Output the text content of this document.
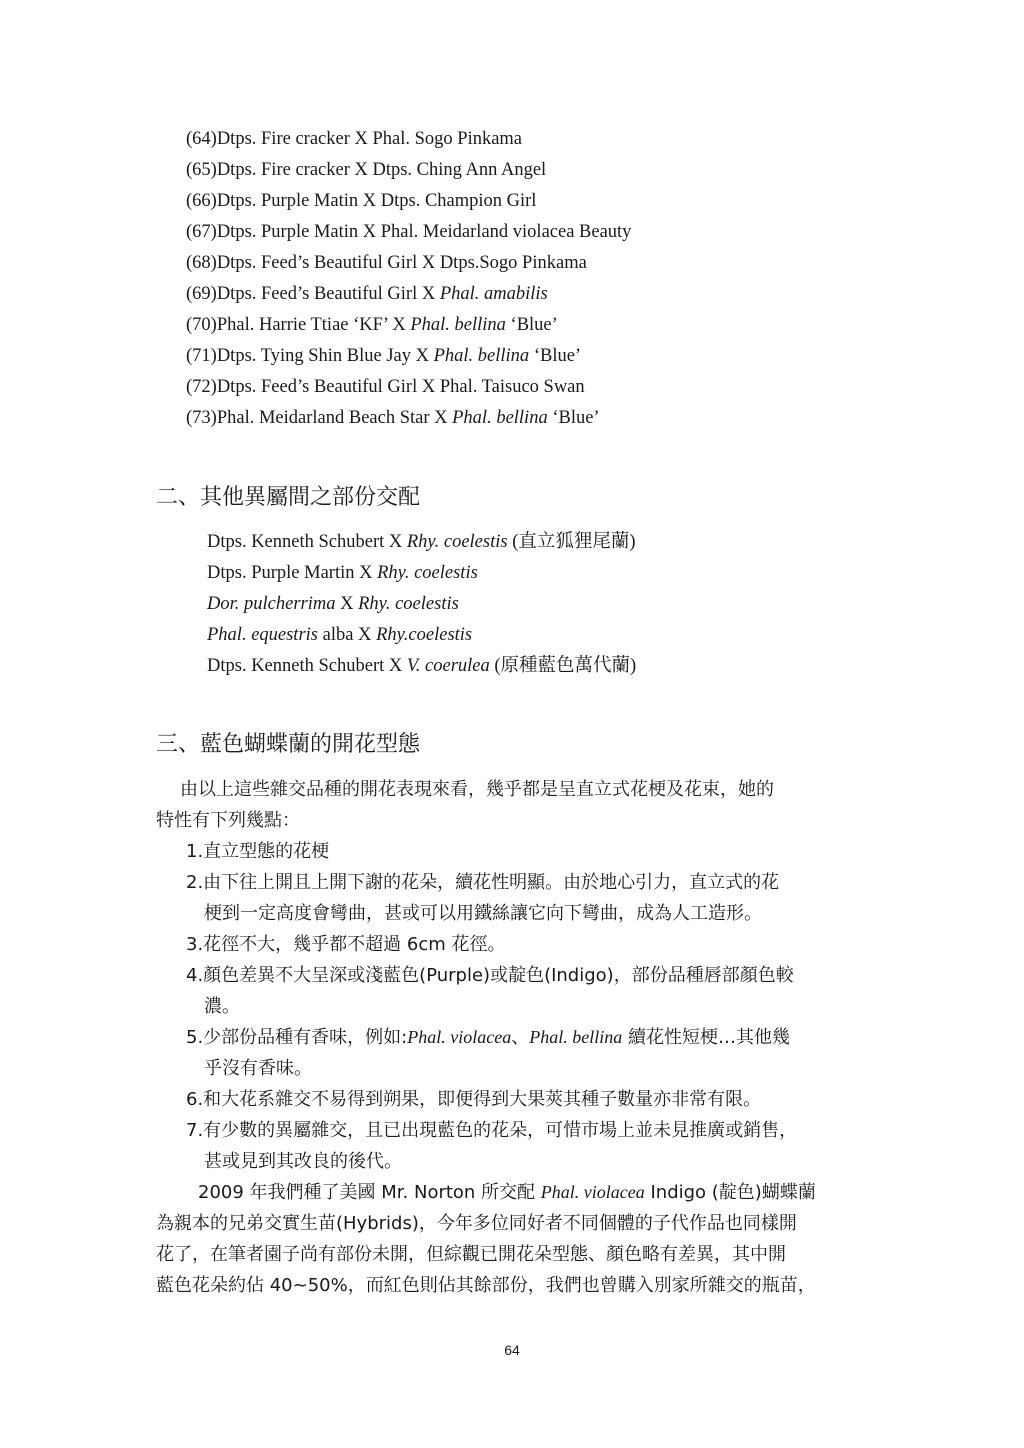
(64)Dtps. Fire cracker X Phal. Sogo Pinkama
(65)Dtps. Fire cracker X Dtps. Ching Ann Angel
(66)Dtps. Purple Matin X Dtps. Champion Girl
(67)Dtps. Purple Matin X Phal. Meidarland violacea Beauty
(68)Dtps. Feed’s Beautiful Girl X Dtps.Sogo Pinkama
(69)Dtps. Feed’s Beautiful Girl X Phal. amabilis
(70)Phal. Harrie Ttiae ‘KF’ X Phal. bellina ‘Blue’
(71)Dtps. Tying Shin Blue Jay X Phal. bellina ‘Blue’
(72)Dtps. Feed’s Beautiful Girl X Phal. Taisuco Swan
(73)Phal. Meidarland Beach Star X Phal. bellina ‘Blue’
二、其他異屬間之部份交配
Dtps. Kenneth Schubert X Rhy. coelestis (直立狐狸尾蘭)
Dtps. Purple Martin X Rhy. coelestis
Dor. pulcherrima X Rhy. coelestis
Phal. equestris alba X Rhy.coelestis
Dtps. Kenneth Schubert X V. coerulea (原種藍色萬代蘭)
三、藍色蝴蝶蘭的開花型態
由以上這些雜交品種的開花表現來看，幾乎都是呈直立式花梗及花束，她的
特性有下列幾點：
1.直立型態的花梗
2.由下往上開且上開下謝的花朵，續花性明顯。由於地心引力，直立式的花
梗到一定高度會彎曲，甚或可以用鐵絲讓它向下彎曲，成為人工造形。
3.花徑不大，幾乎都不超過 6cm 花徑。
4.顏色差異不大呈深或淺藍色(Purple)或靛色(Indigo)，部份品種唇部顏色較
濃。
5.少部份品種有香味，例如:Phal. violacea、Phal. bellina 續花性短梗…其他幾
乎沒有香味。
6.和大花系雜交不易得到朔果，即便得到大果莢其種子數量亦非常有限。
7.有少數的異屬雜交，且已出現藍色的花朵，可惜市場上並未見推廣或銷售，
甚或見到其改良的後代。
2009 年我們種了美國 Mr. Norton 所交配 Phal. violacea Indigo (靛色)蝴蝶蘭
為親本的兄弟交實生苗(Hybrids)，今年多位同好者不同個體的子代作品也同樣開
花了，在筆者園子尚有部份未開，但綜觀已開花朵型態、顏色略有差異，其中開
藍色花朵約佔 40~50%，而紅色則佔其餘部份，我們也曾購入別家所雜交的瓶苗，
64
